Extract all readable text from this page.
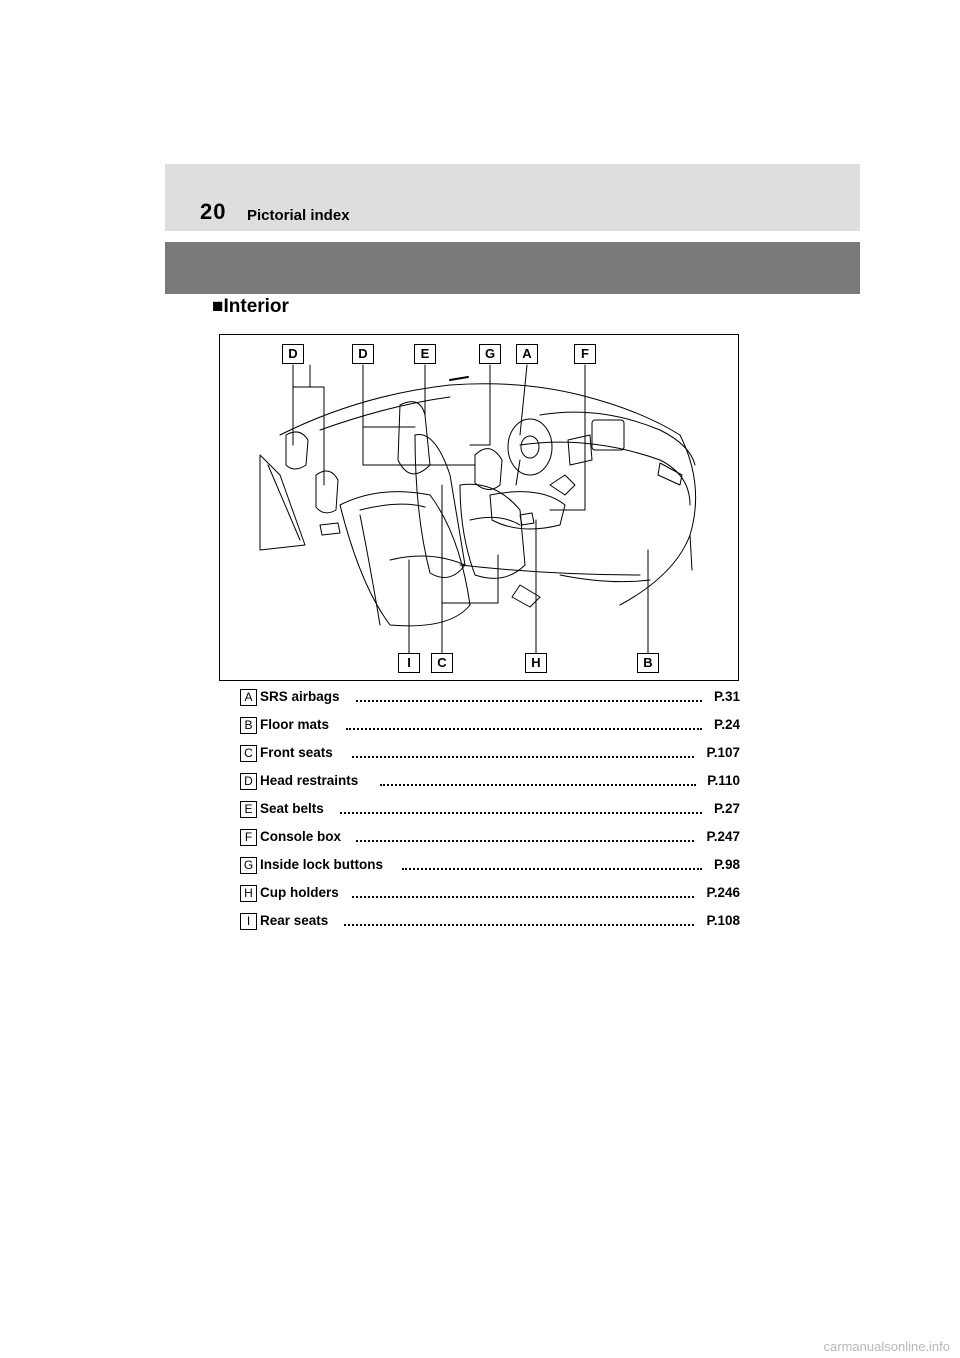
20 Pictorial index
■Interior
D	D	E	G	A	F
I	C	H	B
A SRS airbags	P.31
B Floor mats	P.24
C Front seats	P.107
D Head restraints	P.110
E Seat belts	P.27
F Console box	P.247
G Inside lock buttons	P.98
H Cup holders	P.246
I Rear seats	P.108
carmanualsonline.info
